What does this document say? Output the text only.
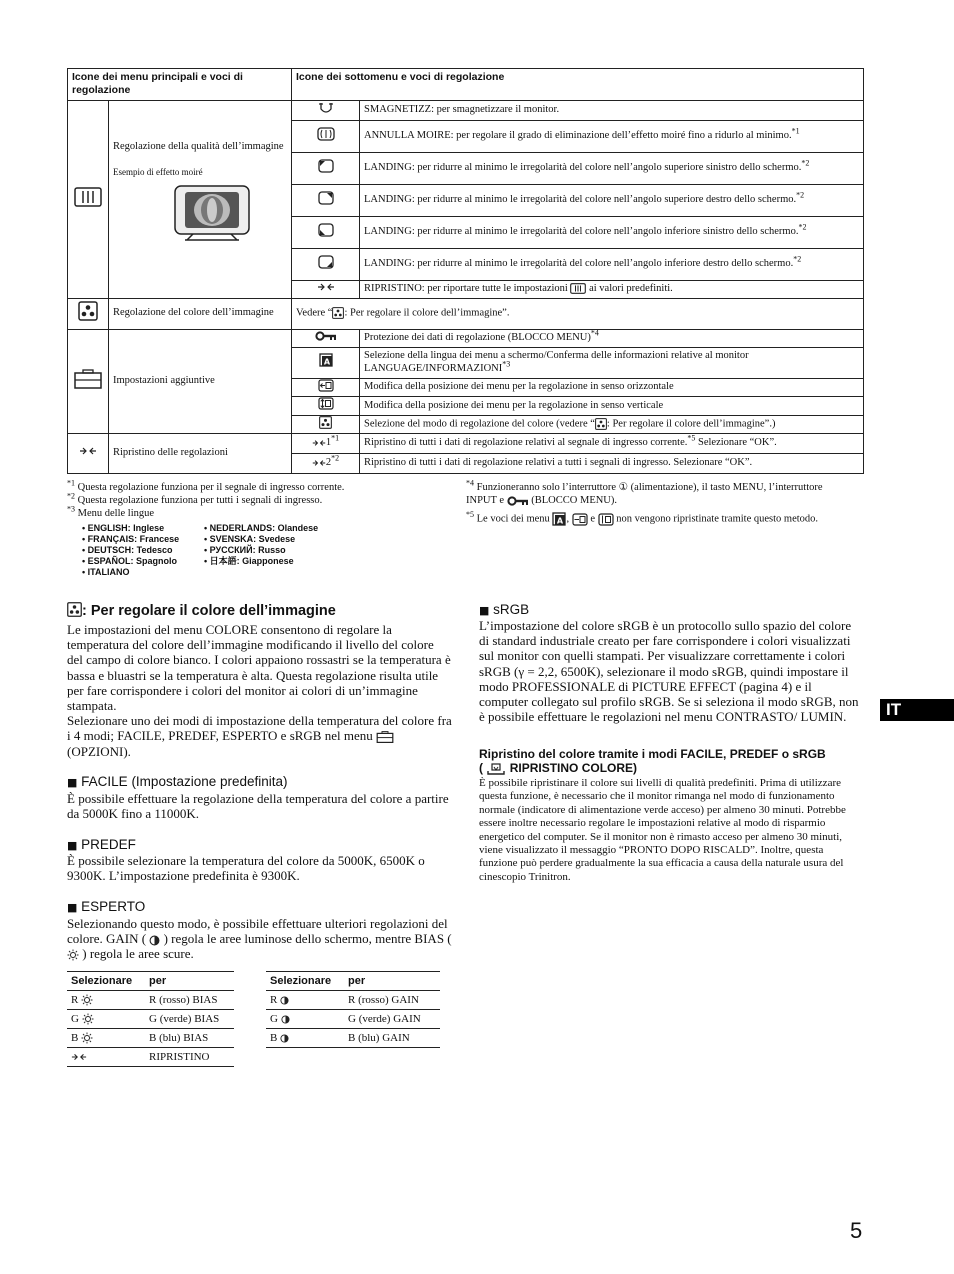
Icone dei menu principali e voci di regolazione		Icone dei sottomenu e voci di regolazione	

Regolazione della qualità dell’immagine
Esempio di effetto moiré		SMAGNETIZZ: per smagnetizzare il monitor.
	ANNULLA MOIRE: per regolare il grado di eliminazione dell’effetto moiré fino a ridurlo al minimo.$^{*1}$
	LANDING: per ridurre al minimo le irregolarità del colore nell’angolo superiore sinistro dello schermo.$^{*2}$
	LANDING: per ridurre al minimo le irregolarità del colore nell’angolo superiore destro dello schermo.$^{*2}$
	LANDING: per ridurre al minimo le irregolarità del colore nell’angolo inferiore sinistro dello schermo.$^{*2}$
	LANDING: per ridurre al minimo le irregolarità del colore nell’angolo inferiore destro dello schermo.$^{*2}$
	RIPRISTINO: per riportare tutte le impostazioni ai valori predefiniti.
	Regolazione del colore dell’immagine	Vedere “ : Per regolare il colore dell’immagine”.	
	Impostazioni aggiuntive		Protezione dei dati di regolazione (BLOCCO MENU)$^{*4}$

A	Selezione della lingua dei menu a schermo/Conferma delle informazioni relative al monitor LANGUAGE/INFORMAZIONI$^{*3}$
	Modifica della posizione dei menu per la regolazione in senso orizzontale
	Modifica della posizione dei menu per la regolazione in senso verticale
	Selezione del modo di regolazione del colore (vedere “ : Per regolare il colore dell’immagine”.)
	Ripristino delle regolazioni	1$^{*1}$	Ripristino di tutti i dati di regolazione relativi al segnale di ingresso corrente.$^{*5}$ Selezionare “OK”.
		2$^{*2}$	Ripristino di tutti i dati di regolazione relativi a tutti i segnali di ingresso. Selezionare “OK”.
$^{*1}$ Questa regolazione funziona per il segnale di ingresso corrente.
$^{*2}$ Questa regolazione funziona per tutti i segnali di ingresso.
$^{*3}$ Menu delle lingue
• ENGLISH: Inglese
• FRANÇAIS: Francese
• DEUTSCH: Tedesco
• ESPAÑOL: Spagnolo
• ITALIANO
• NEDERLANDS: Olandese
• SVENSKA: Svedese
• РУССКИЙ: Russo
• 日本語: Giapponese
$^{*4}$ Funzioneranno solo l’interruttore ① (alimentazione), il tasto MENU, l’interruttore INPUT e	(BLOCCO MENU).
$^{*5}$ Le voci dei menu A ,  e non vengono ripristinate tramite questo metodo.
: Per regolare il colore dell’immagine
Le impostazioni del menu COLORE consentono di regolare la temperatura del colore dell’immagine modificando il livello del colore del campo di colore bianco. I colori appaiono rossastri se la temperatura è bassa e bluastri se la temperatura è alta. Questa regolazione risulta utile per fare corrispondere i colori del monitor ai colori di un’immagine stampata.
Selezionare uno dei modi di impostazione della temperatura del colore fra i 4 modi; FACILE, PREDEF, ESPERTO e sRGB nel menu  (OPZIONI).
■ FACILE (Impostazione predefinita)
È possibile effettuare la regolazione della temperatura del colore a partire da 5000K fino a 11000K.
■ PREDEF
È possibile selezionare la temperatura del colore da 5000K, 6500K o 9300K. L’impostazione predefinita è 9300K.
■ ESPERTO
Selezionando questo modo, è possibile effettuare ulteriori regolazioni del colore. GAIN ( ) regola le aree luminose dello schermo, mentre BIAS (  ) regola le aree scure.
Selezionare	per
R	R (rosso) BIAS
G	G (verde) BIAS
B	B (blu) BIAS
	RIPRISTINO
Selezionare	per
R	R (rosso) GAIN
G	G (verde) GAIN
B	B (blu) GAIN
■ sRGB
L’impostazione del colore sRGB è un protocollo sullo spazio del colore di standard industriale creato per fare corrispondere i colori visualizzati sul monitor con quelli stampati. Per visualizzare correttamente i colori sRGB (γ = 2,2, 6500K), selezionare il modo sRGB, quindi impostare il modo PROFESSIONALE di PICTURE EFFECT (pagina 4) e il computer collegato sul profilo sRGB. Se si seleziona il modo sRGB, non è possibile effettuare le regolazioni nel menu CONTRASTO/ LUMIN.
Ripristino del colore tramite i modi FACILE, PREDEF o sRGB
(  RIPRISTINO COLORE)
È possibile ripristinare il colore sui livelli di qualità predefiniti. Prima di utilizzare questa funzione, è necessario che il monitor rimanga nel modo di funzionamento normale (indicatore di alimentazione verde acceso) per almeno 30 minuti. Potrebbe essere inoltre necessario regolare le impostazioni relative al modo di risparmio energetico del computer. Se il monitor non è rimasto acceso per almeno 30 minuti, viene visualizzato il messaggio “PRONTO DOPO RISCALD”. Inoltre, questa funzione può perdere gradualmente la sua efficacia a causa della naturale usura del cinescopio Trinitron.
IT
5
